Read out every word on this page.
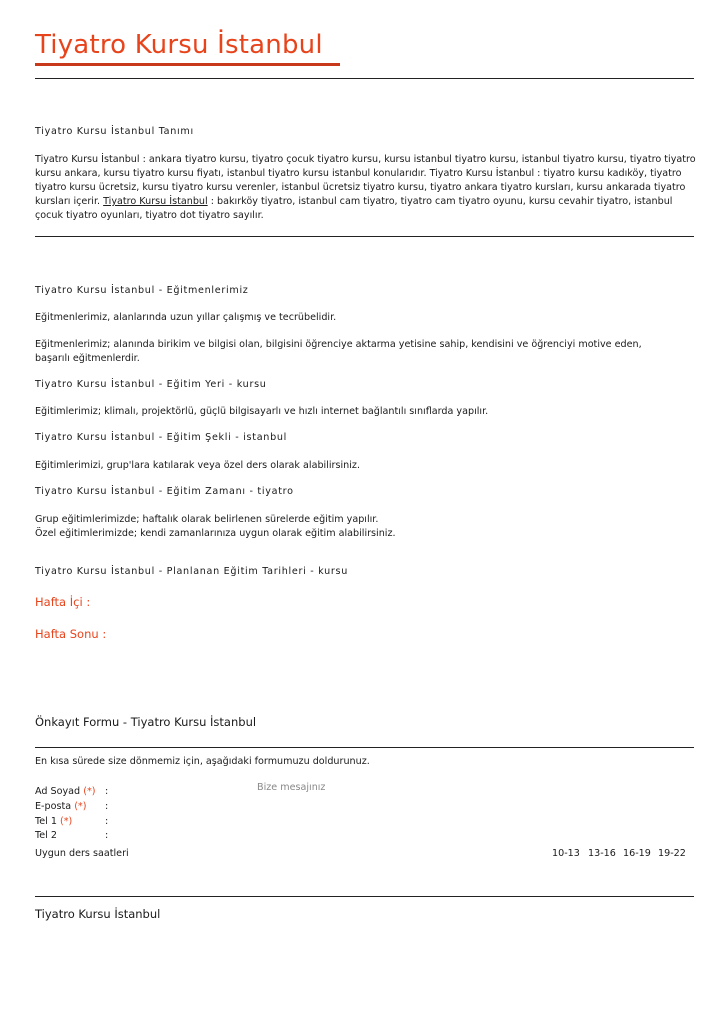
Tiyatro Kursu İstanbul
Tiyatro Kursu İstanbul Tanımı
Tiyatro Kursu İstanbul : ankara tiyatro kursu, tiyatro çocuk tiyatro kursu, kursu istanbul tiyatro kursu, istanbul tiyatro kursu, tiyatro tiyatro kursu ankara, kursu tiyatro kursu fiyatı, istanbul tiyatro kursu istanbul konularıdır. Tiyatro Kursu İstanbul : tiyatro kursu kadıköy, tiyatro tiyatro kursu ücretsiz, kursu tiyatro kursu verenler, istanbul ücretsiz tiyatro kursu, tiyatro ankara tiyatro kursları, kursu ankarada tiyatro kursları içerir. Tiyatro Kursu İstanbul : bakırköy tiyatro, istanbul cam tiyatro, tiyatro cam tiyatro oyunu, kursu cevahir tiyatro, istanbul çocuk tiyatro oyunları, tiyatro dot tiyatro sayılır.
Tiyatro Kursu İstanbul - Eğitmenlerimiz
Eğitmenlerimiz, alanlarında uzun yıllar çalışmış ve tecrübelidir.
Eğitmenlerimiz; alanında birikim ve bilgisi olan, bilgisini öğrenciye aktarma yetisine sahip, kendisini ve öğrenciyi motive eden, başarılı eğitmenlerdir.
Tiyatro Kursu İstanbul - Eğitim Yeri - kursu
Eğitimlerimiz; klimalı, projektörlü, güçlü bilgisayarlı ve hızlı internet bağlantılı sınıflarda yapılır.
Tiyatro Kursu İstanbul - Eğitim Şekli - istanbul
Eğitimlerimizi, grup'lara katılarak veya özel ders olarak alabilirsiniz.
Tiyatro Kursu İstanbul - Eğitim Zamanı - tiyatro
Grup eğitimlerimizde; haftalık olarak belirlenen sürelerde eğitim yapılır.
Özel eğitimlerimizde; kendi zamanlarınıza uygun olarak eğitim alabilirsiniz.
Tiyatro Kursu İstanbul - Planlanan Eğitim Tarihleri - kursu
Hafta İçi :
Hafta Sonu :
Önkayıt Formu - Tiyatro Kursu İstanbul
En kısa sürede size dönmemiz için, aşağıdaki formumuzu doldurunuz.
Ad Soyad (*) :
E-posta (*) :
Tel 1 (*)	:
Tel 2	:
Bize mesajınız
Uygun ders saatleri	10-13 13-16 16-19 19-22
Tiyatro Kursu İstanbul
